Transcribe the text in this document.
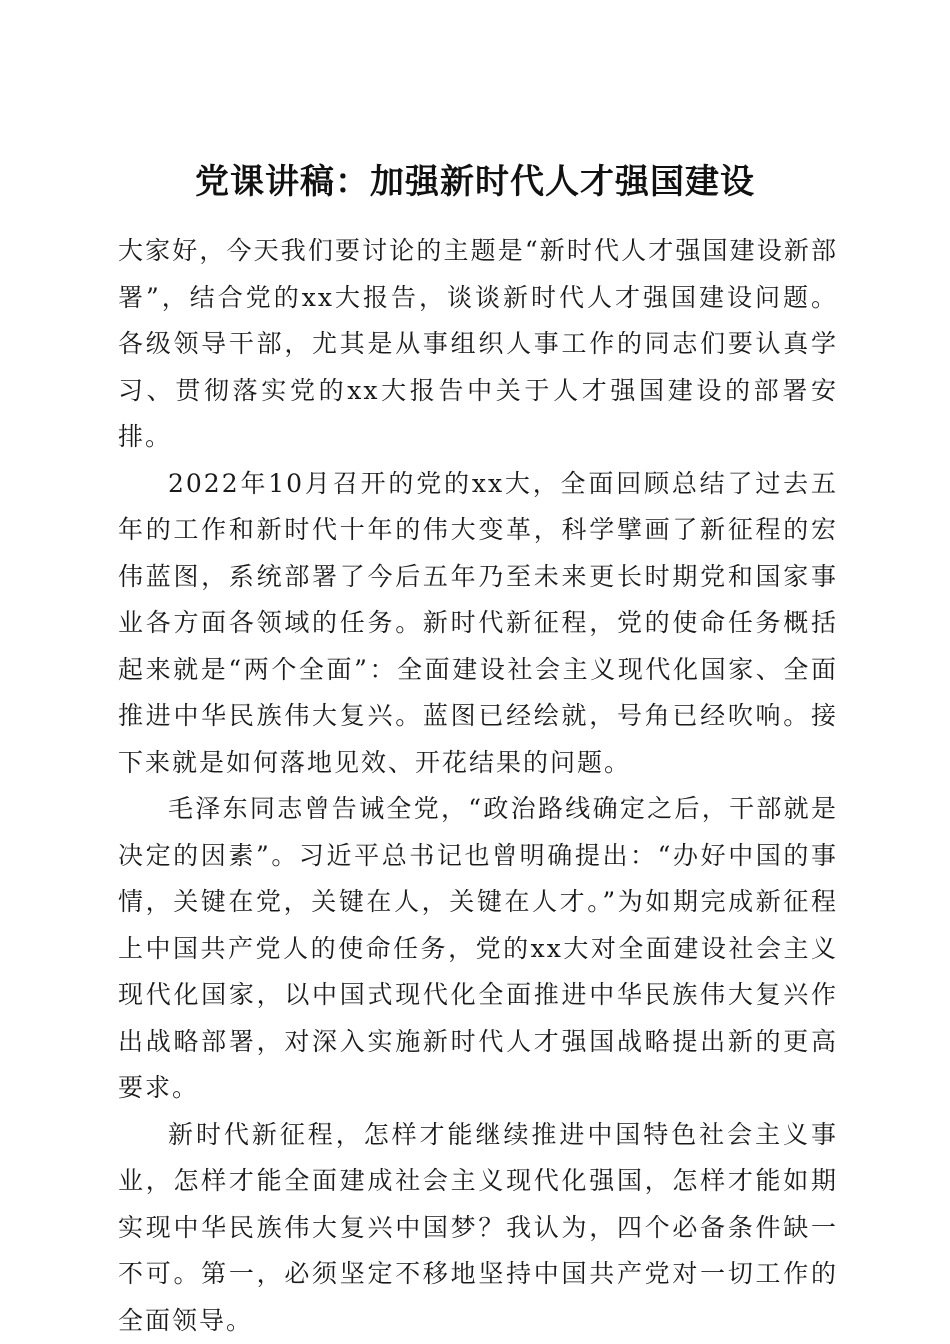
党课讲稿：加强新时代人才强国建设

大家好，今天我们要讨论的主题是“新时代人才强国建设新部署”，结合党的xx大报告，谈谈新时代人才强国建设问题。各级领导干部，尤其是从事组织人事工作的同志们要认真学习、贯彻落实党的xx大报告中关于人才强国建设的部署安排。

2022年10月召开的党的xx大，全面回顾总结了过去五年的工作和新时代十年的伟大变革，科学擘画了新征程的宏伟蓝图，系统部署了今后五年乃至未来更长时期党和国家事业各方面各领域的任务。新时代新征程，党的使命任务概括起来就是“两个全面”：全面建设社会主义现代化国家、全面推进中华民族伟大复兴。蓝图已经绘就，号角已经吹响。接下来就是如何落地见效、开花结果的问题。

毛泽东同志曾告诫全党，“政治路线确定之后，干部就是决定的因素”。习近平总书记也曾明确提出：“办好中国的事情，关键在党，关键在人，关键在人才。”为如期完成新征程上中国共产党人的使命任务，党的xx大对全面建设社会主义现代化国家，以中国式现代化全面推进中华民族伟大复兴作出战略部署，对深入实施新时代人才强国战略提出新的更高要求。

新时代新征程，怎样才能继续推进中国特色社会主义事业，怎样才能全面建成社会主义现代化强国，怎样才能如期实现中华民族伟大复兴中国梦？我认为，四个必备条件缺一不可。第一，必须坚定不移地坚持中国共产党对一切工作的全面领导。
